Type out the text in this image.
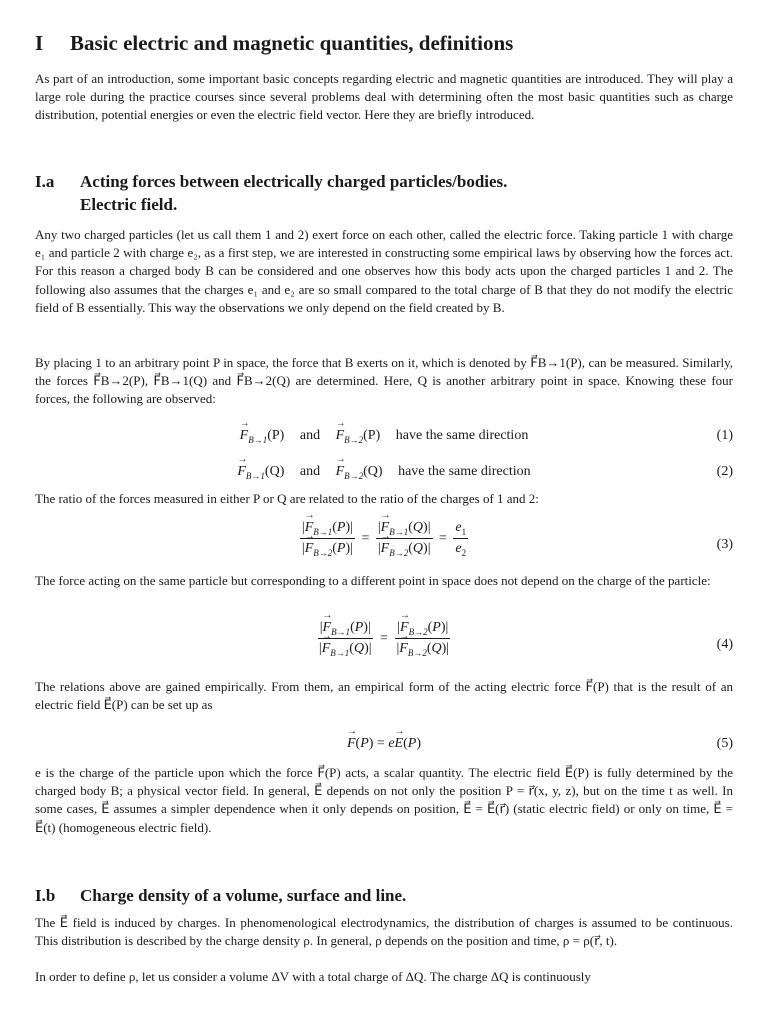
I Basic electric and magnetic quantities, definitions

As part of an introduction, some important basic concepts regarding electric and magnetic quantities are introduced. They will play a large role during the practice courses since several problems deal with determining often the most basic quantities such as charge distribution, potential energies or even the electric field vector. Here they are briefly introduced.

I.a	Acting forces between electrically charged particles/bodies.
Electric field.

Any two charged particles (let us call them 1 and 2) exert force on each other, called the electric force. Taking particle 1 with charge e₁ and particle 2 with charge e₂, as a first step, we are interested in constructing some empirical laws by observing how the forces act. For this reason a charged body B can be considered and one observes how this body acts upon the charged particles 1 and 2. The following also assumes that the charges e₁ and e₂ are so small compared to the total charge of B that they do not modify the electric field of B essentially. This way the observations we only depend on the field created by B.

By placing 1 to an arbitrary point P in space, the force that B exerts on it, which is denoted by F⃗B→1(P), can be measured. Similarly, the forces F⃗B→2(P), F⃗B→1(Q) and F⃗B→2(Q) are determined. Here, Q is another arbitrary point in space. Knowing these four forces, the following are observed:

→ $F_{B\to 1}(P)$ and → $F_{B\to 2}(P)$ have the same direction	(1)
→ $F_{B\to 1}(Q)$ and → $F_{B\to 2}(Q)$ have the same direction	(2)

The ratio of the forces measured in either P or Q are related to the ratio of the charges of 1 and 2:

$\frac{|\to F_{B\to 1}(P)|}{|\to F_{B\to 2}(P)|} = \frac{|\to F_{B\to 1}(Q)|}{|\to F_{B\to 2}(Q)|} = \frac{e_1}{e_2}$	(3)

The force acting on the same particle but corresponding to a different point in space does not depend on the charge of the particle:

$\frac{|\to F_{B\to 1}(P)|}{|\to F_{B\to 1}(Q)|} = \frac{|\to F_{B\to 2}(P)|}{|\to F_{B\to 2}(Q)|}$	(4)

The relations above are gained empirically. From them, an empirical form of the acting electric force F⃗(P) that is the result of an electric field E⃗(P) can be set up as

→ F(P) = e→ E(P)	(5)

e is the charge of the particle upon which the force F⃗(P) acts, a scalar quantity. The electric field E⃗(P) is fully determined by the charged body B; a physical vector field. In general, E⃗ depends on not only the position P = r⃗(x, y, z), but on the time t as well. In some cases, E⃗ assumes a simpler dependence when it only depends on position, E⃗ = E⃗(r⃗) (static electric field) or only on time, E⃗ = E⃗(t) (homogeneous electric field).

I.b	Charge density of a volume, surface and line.

The E⃗ field is induced by charges. In phenomenological electrodynamics, the distribution of charges is assumed to be continuous. This distribution is described by the charge density ρ. In general, ρ depends on the position and time, ρ = ρ(r⃗, t).

In order to define ρ, let us consider a volume ΔV with a total charge of ΔQ. The charge ΔQ is continuously
